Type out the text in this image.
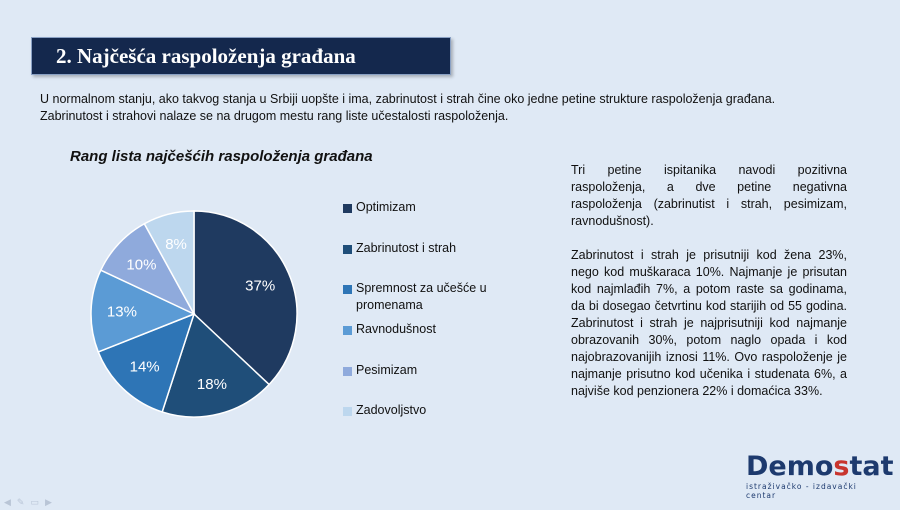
2. Najčešća raspoloženja građana
U normalnom stanju, ako takvog stanja u Srbiji uopšte i ima, zabrinutost i strah čine oko jedne petine strukture raspoloženja građana. Zabrinutost i strahovi nalaze se na drugom mestu rang liste učestalosti raspoloženja.
Rang lista najčešćih raspoloženja građana
37%
18%
14%
13%
10%
8%
Optimizam
Zabrinutost i strah
Spremnost za učešće u promenama
Ravnodušnost
Pesimizam
Zadovoljstvo

Tri petine ispitanika navodi pozitivna raspoloženja, a dve petine negativna raspoloženja (zabrinutist i strah, pesimizam, ravnodušnost).

Zabrinutost i strah je prisutniji kod žena 23%, nego kod muškaraca 10%. Najmanje je prisutan kod najmlađih 7%, a potom raste sa godinama, da bi dosegao četvrtinu kod starijih od 55 godina. Zabrinutost i strah je najprisutniji kod najmanje obrazovanih 30%, potom naglo opada i kod najobrazovanijih iznosi 11%. Ovo raspoloženje je najmanje prisutno kod učenika i studenata 6%, a najviše kod penzionera 22% i domaćica 33%.

Demostat
istraživačko - izdavački centar
◀ ✎ ▭ ▶
